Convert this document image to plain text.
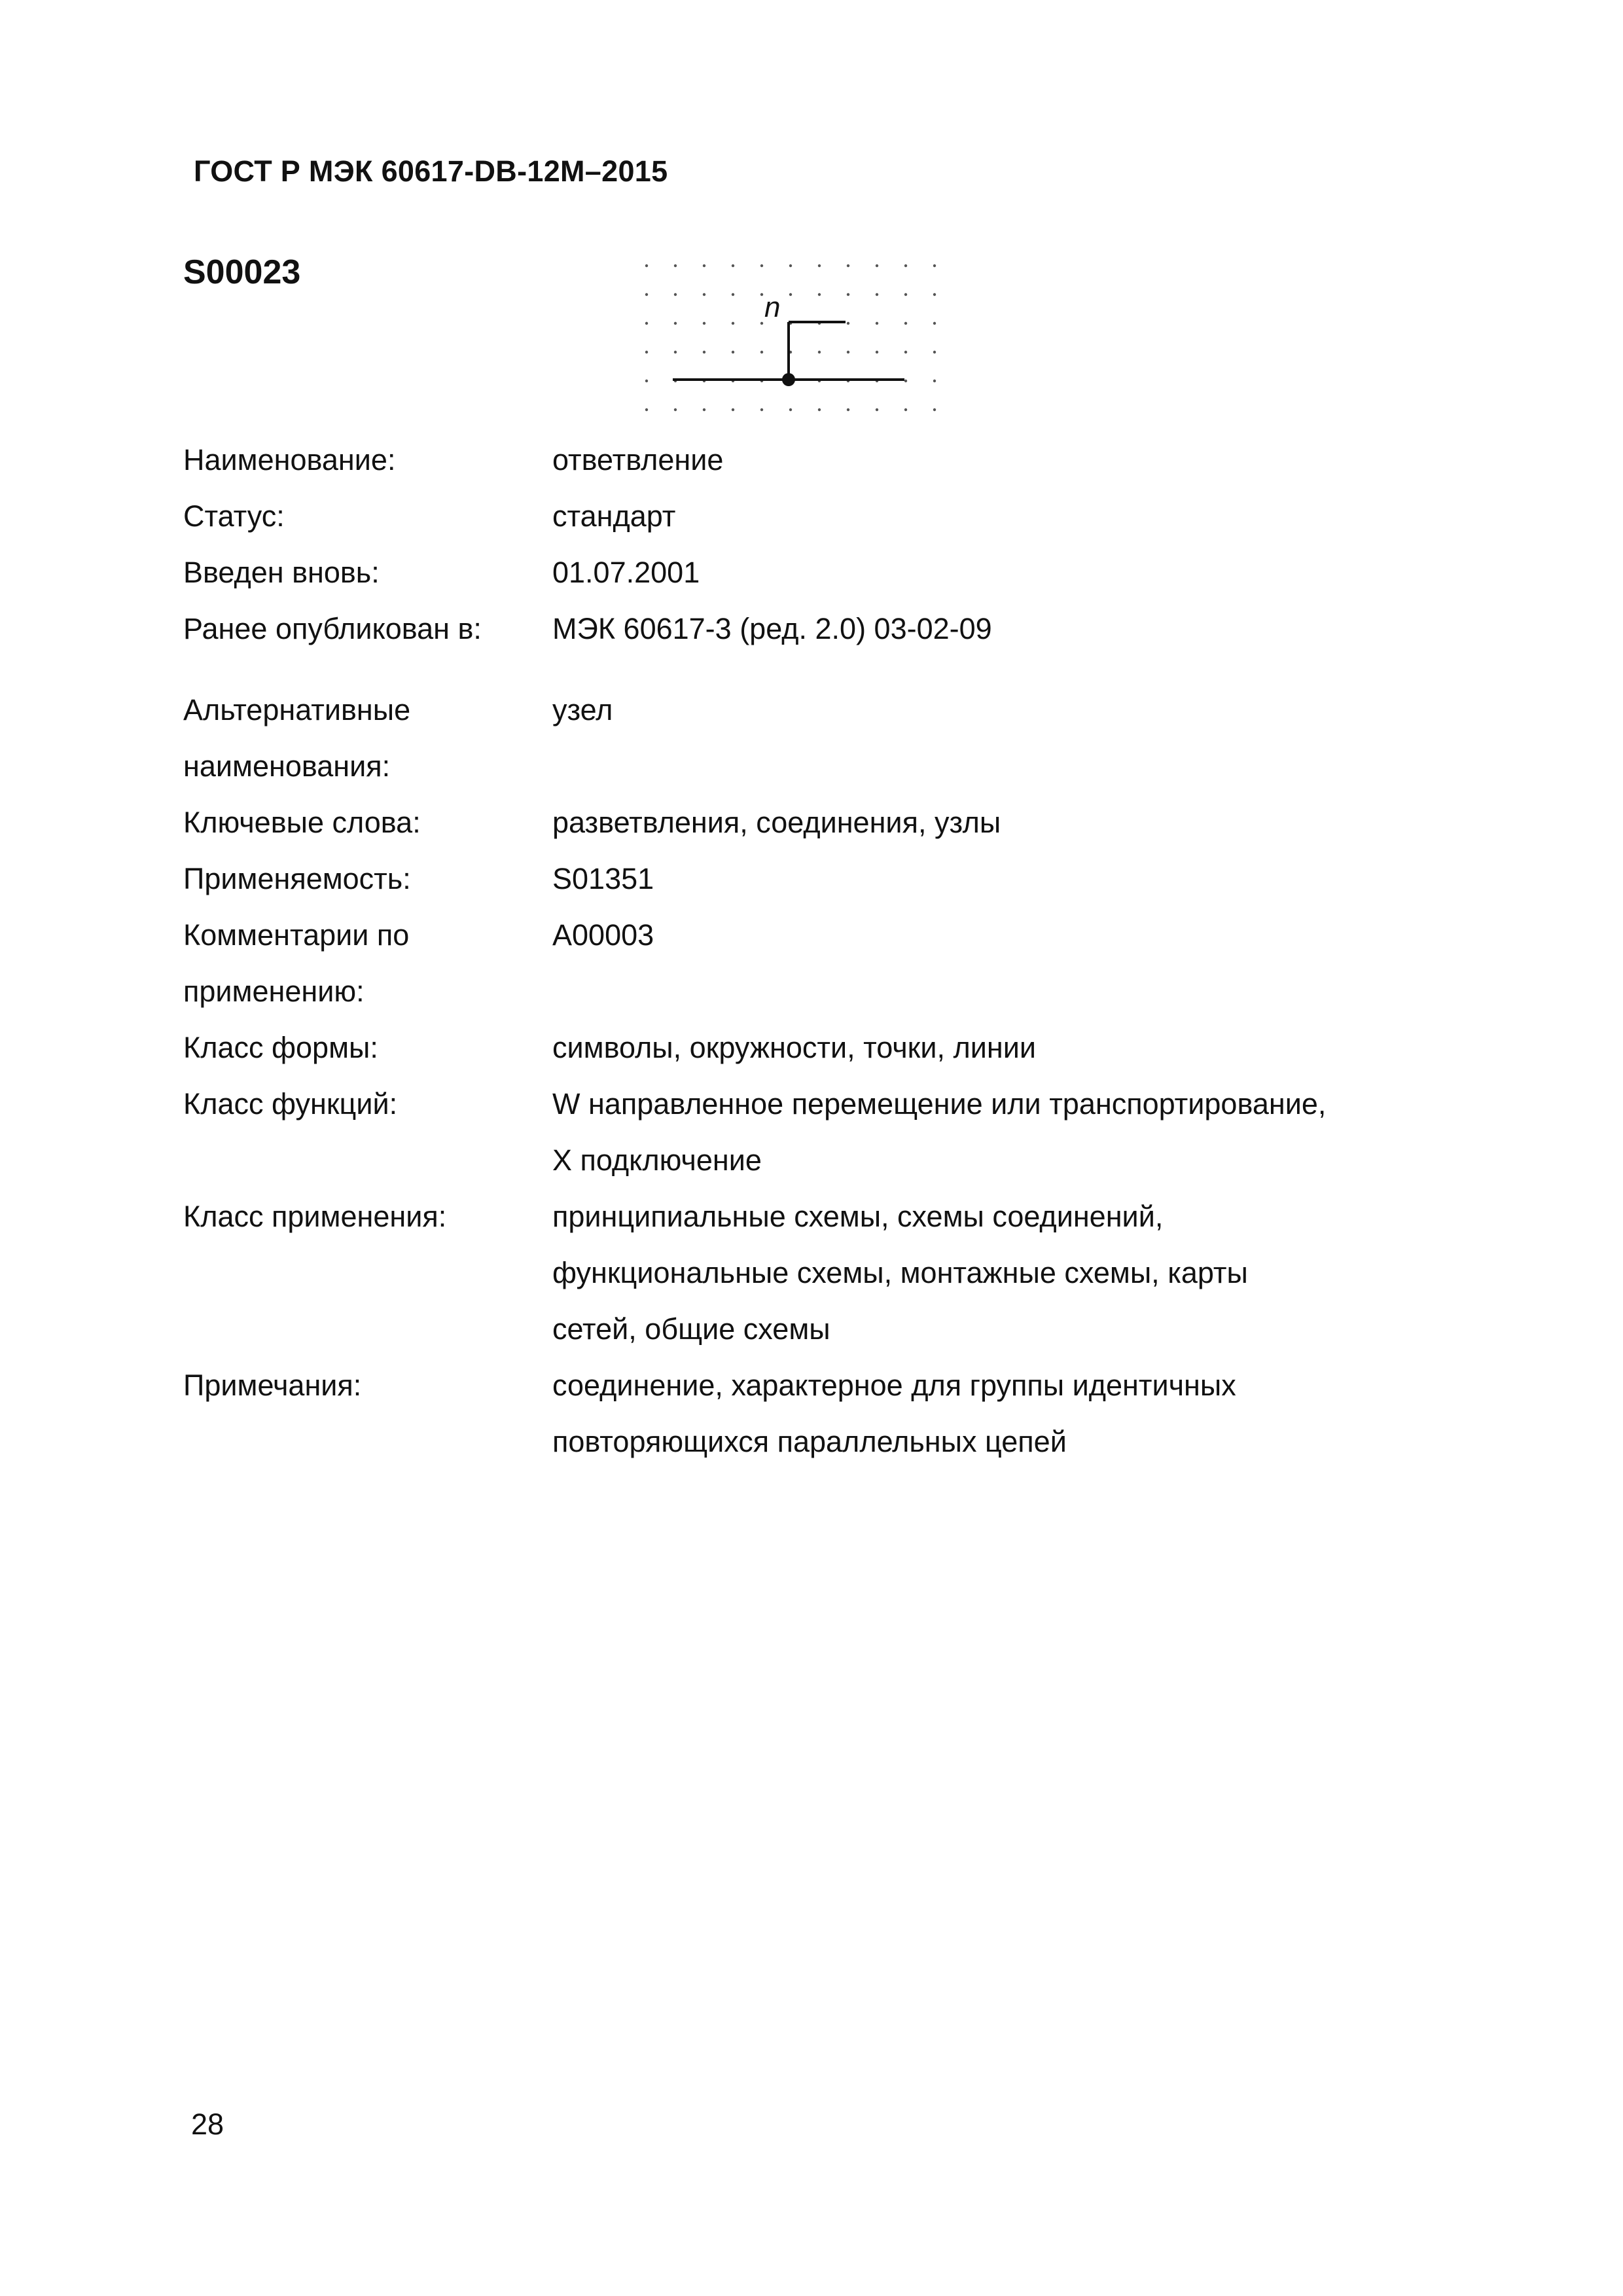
ГОСТ Р МЭК 60617-DB-12M–2015
S00023
n
Наименование:	ответвление
Статус:	стандарт
Введен вновь:	01.07.2001
Ранее опубликован в: МЭК 60617-3 (ред. 2.0) 03-02-09
Альтернативные
наименования:
узел
Ключевые слова:	разветвления, соединения, узлы
Применяемость:	S01351
Комментарии по
применению:
A00003
Класс формы:	символы, окружности, точки, линии
Класс функций:	W направленное перемещение или транспортирование,
X подключение
Класс применения:	принципиальные схемы, схемы соединений,
функциональные схемы, монтажные схемы, карты
сетей, общие схемы
Примечания:	соединение, характерное для группы идентичных
повторяющихся параллельных цепей
28
